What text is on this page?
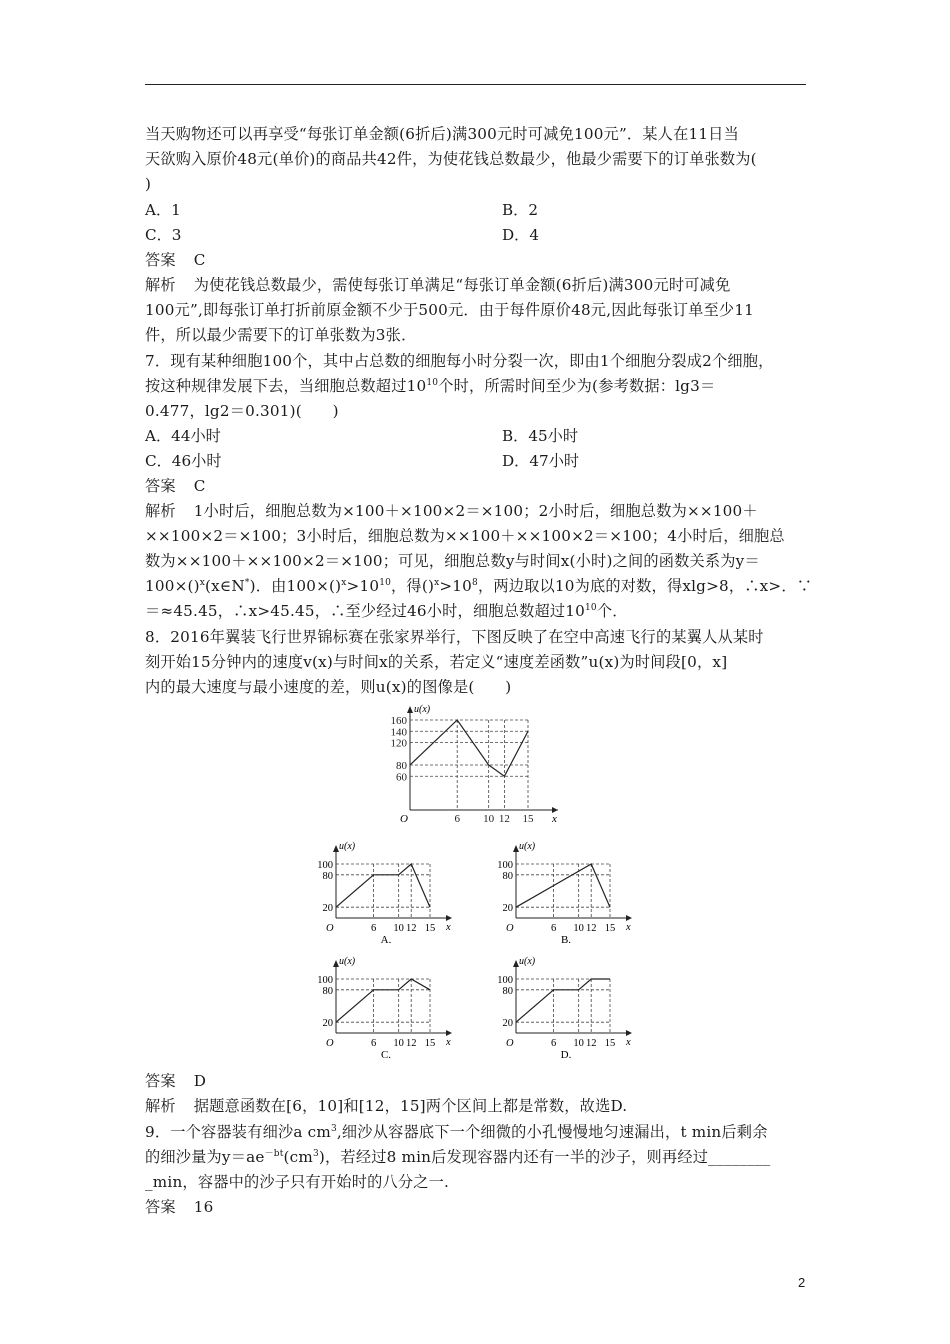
当天购物还可以再享受“每张订单金额(6折后)满300元时可减免100元”．某人在11日当
天欲购入原价48元(单价)的商品共42件，为使花钱总数最少，他最少需要下的订单张数为(
)
A．1	B．2
C．3	D．4
答案 C
解析 为使花钱总数最少，需使每张订单满足“每张订单金额(6折后)满300元时可减免
100元”,即每张订单打折前原金额不少于500元．由于每件原价48元,因此每张订单至少11
件，所以最少需要下的订单张数为3张．
7．现有某种细胞100个，其中占总数的细胞每小时分裂一次，即由1个细胞分裂成2个细胞，
按这种规律发展下去，当细胞总数超过$10^{10}$个时，所需时间至少为(参考数据：lg3＝
0.477，lg2＝0.301)(　　)
A．44小时	B．45小时
C．46小时	D．47小时
答案 C
解析 1小时后，细胞总数为×100＋×100×2＝×100；2小时后，细胞总数为××100＋
××100×2＝×100；3小时后，细胞总数为××100＋××100×2＝×100；4小时后，细胞总
数为××100＋××100×2＝×100；可见，细胞总数y与时间x(小时)之间的函数关系为y＝
100×()$^x$(x∈N*)．由$100\times()^x>10^{10}$，得$()^x>10^8$，两边取以10为底的对数，得xlg>8，∴x>．∵
＝≈45.45，∴x>45.45，∴至少经过46小时，细胞总数超过$10^{10}$个．
8．2016年翼装飞行世界锦标赛在张家界举行，下图反映了在空中高速飞行的某翼人从某时
刻开始15分钟内的速度v(x)与时间x的关系，若定义“速度差函数”u(x)为时间段[0，x]
内的最大速度与最小速度的差，则u(x)的图像是(　　)
160
140
120
80
60
6 10 12 15
u(x)
x
O
u(x)
100
80
20
6 10 12 15
O	x
A.
u(x)
100
80
20
6 10 12 15
O	x
B.
u(x)
100
80
20
6 10 12 15
O	x
C.
u(x)
100
80
20
6 10 12 15
O	x
D.
答案 D
解析 据题意函数在[6，10]和[12，15]两个区间上都是常数，故选D.
9．一个容器装有细沙a $cm^3$,细沙从容器底下一个细微的小孔慢慢地匀速漏出，t min后剩余
的细沙量为$y=ae^{-bt}(cm^3)$，若经过8 min后发现容器内还有一半的沙子，则再经过________
_min，容器中的沙子只有开始时的八分之一.
答案 16
2
